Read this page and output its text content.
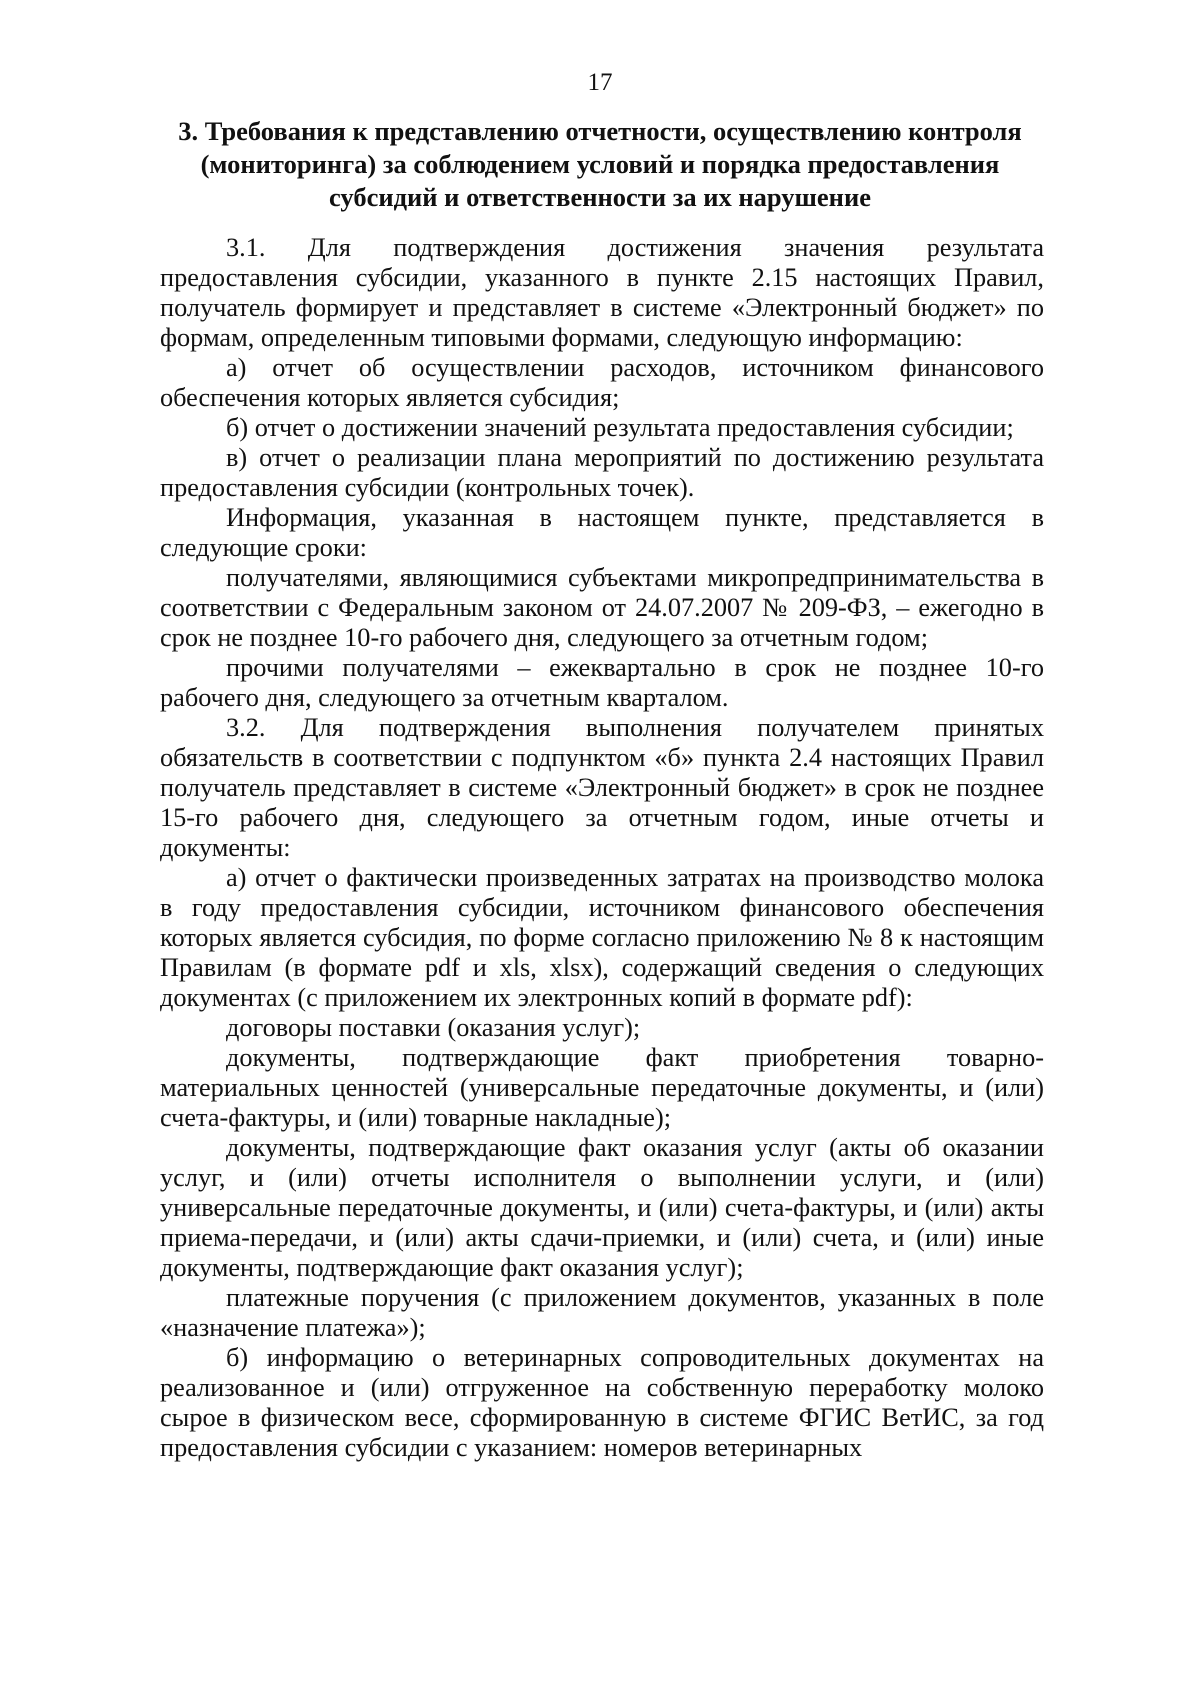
17
3. Требования к представлению отчетности, осуществлению контроля (мониторинга) за соблюдением условий и порядка предоставления субсидий и ответственности за их нарушение

3.1. Для подтверждения достижения значения результата предоставления субсидии, указанного в пункте 2.15 настоящих Правил, получатель формирует и представляет в системе «Электронный бюджет» по формам, определенным типовыми формами, следующую информацию:

а) отчет об осуществлении расходов, источником финансового обеспечения которых является субсидия;

б) отчет о достижении значений результата предоставления субсидии;

в) отчет о реализации плана мероприятий по достижению результата предоставления субсидии (контрольных точек).

Информация, указанная в настоящем пункте, представляется в следующие сроки:

получателями, являющимися субъектами микропредпринимательства в соответствии с Федеральным законом от 24.07.2007 № 209-ФЗ, – ежегодно в срок не позднее 10-го рабочего дня, следующего за отчетным годом;

прочими получателями – ежеквартально в срок не позднее 10-го рабочего дня, следующего за отчетным кварталом.

3.2. Для подтверждения выполнения получателем принятых обязательств в соответствии с подпунктом «б» пункта 2.4 настоящих Правил получатель представляет в системе «Электронный бюджет» в срок не позднее 15-го рабочего дня, следующего за отчетным годом, иные отчеты и документы:

а) отчет о фактически произведенных затратах на производство молока в году предоставления субсидии, источником финансового обеспечения которых является субсидия, по форме согласно приложению № 8 к настоящим Правилам (в формате pdf и xls, xlsx), содержащий сведения о следующих документах (с приложением их электронных копий в формате pdf):

договоры поставки (оказания услуг);

документы, подтверждающие факт приобретения товарно-материальных ценностей (универсальные передаточные документы, и (или) счета-фактуры, и (или) товарные накладные);

документы, подтверждающие факт оказания услуг (акты об оказании услуг, и (или) отчеты исполнителя о выполнении услуги, и (или) универсальные передаточные документы, и (или) счета-фактуры, и (или) акты приема-передачи, и (или) акты сдачи-приемки, и (или) счета, и (или) иные документы, подтверждающие факт оказания услуг);

платежные поручения (с приложением документов, указанных в поле «назначение платежа»);

б) информацию о ветеринарных сопроводительных документах на реализованное и (или) отгруженное на собственную переработку молоко сырое в физическом весе, сформированную в системе ФГИС ВетИС, за год предоставления субсидии с указанием: номеров ветеринарных
